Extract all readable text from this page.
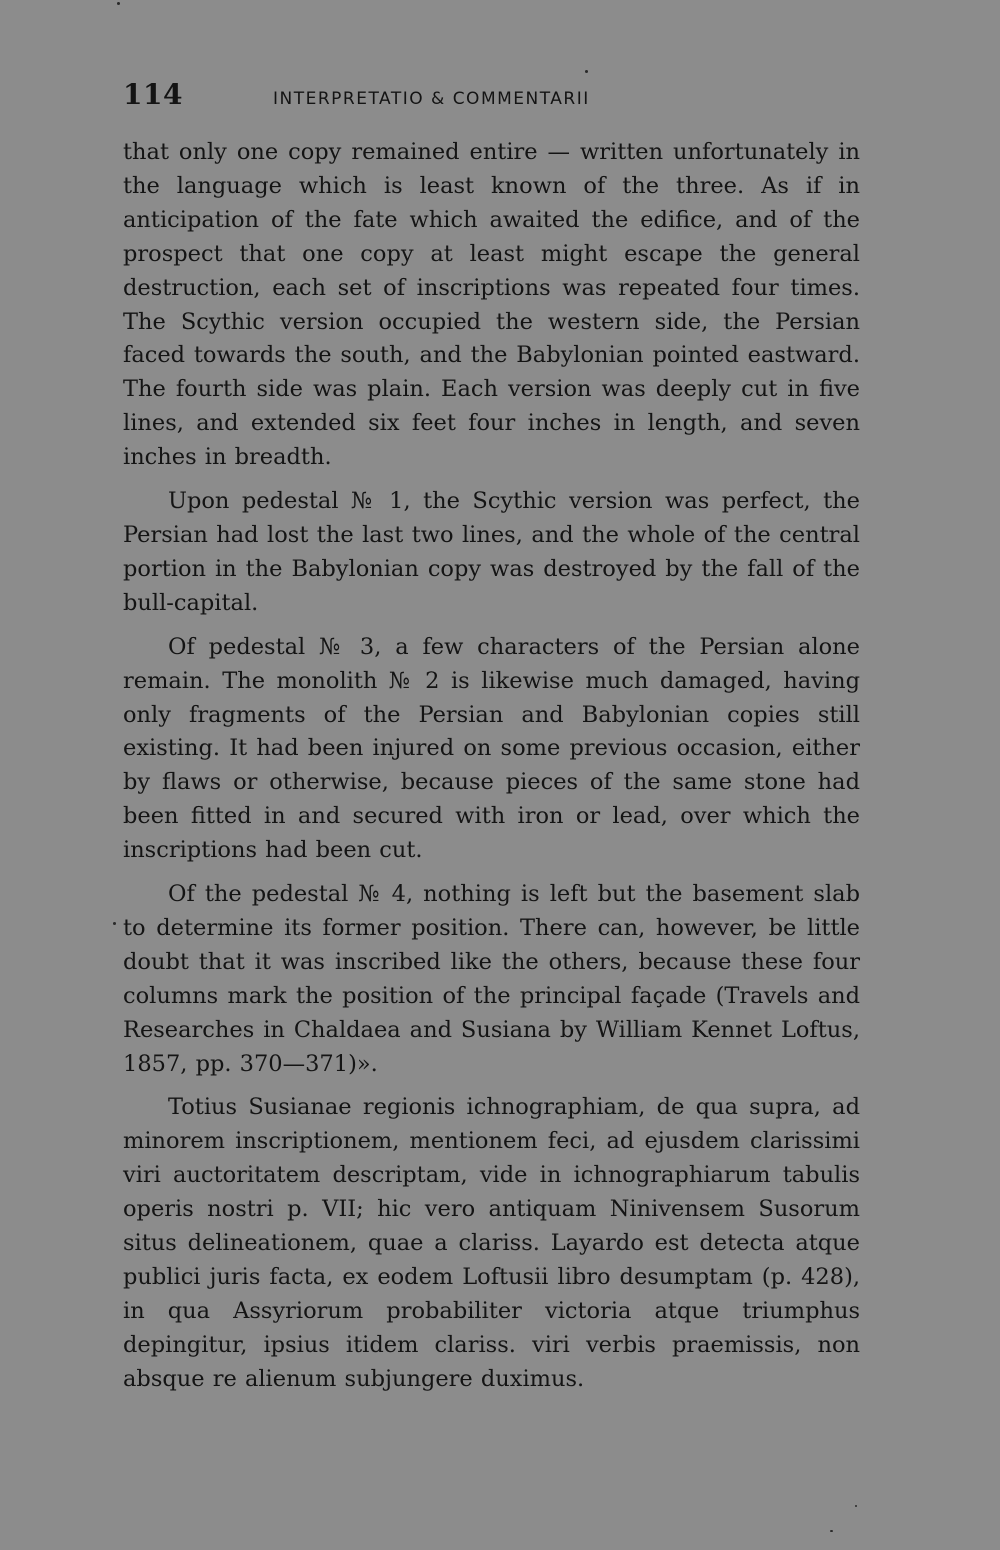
114	INTERPRETATIO & COMMENTARII

that only one copy remained entire — written unfortunately in the language which is least known of the three. As if in anticipation of the fate which awaited the edifice, and of the prospect that one copy at least might escape the general destruction, each set of inscriptions was repeated four times. The Scythic version occupied the western side, the Persian faced towards the south, and the Babylonian pointed eastward. The fourth side was plain. Each version was deeply cut in five lines, and extended six feet four inches in length, and seven inches in breadth.

Upon pedestal № 1, the Scythic version was perfect, the Persian had lost the last two lines, and the whole of the central portion in the Babylonian copy was destroyed by the fall of the bull-capital.

Of pedestal № 3, a few characters of the Persian alone remain. The monolith № 2 is likewise much damaged, having only fragments of the Persian and Babylonian copies still existing. It had been injured on some previous occasion, either by flaws or otherwise, because pieces of the same stone had been fitted in and secured with iron or lead, over which the inscriptions had been cut.

Of the pedestal № 4, nothing is left but the basement slab to determine its former position. There can, however, be little doubt that it was inscribed like the others, because these four columns mark the position of the principal façade (Travels and Researches in Chaldaea and Susiana by William Kennet Loftus, 1857, pp. 370—371)».

Totius Susianae regionis ichnographiam, de qua supra, ad minorem inscriptionem, mentionem feci, ad ejusdem clarissimi viri auctoritatem descriptam, vide in ichnographiarum tabulis operis nostri p. VII; hic vero antiquam Ninivensem Susorum situs delineationem, quae a clariss. Layardo est detecta atque publici juris facta, ex eodem Loftusii libro desumptam (p. 428), in qua Assyriorum probabiliter victoria atque triumphus depingitur, ipsius itidem clariss. viri verbis praemissis, non absque re alienum subjungere duximus.
